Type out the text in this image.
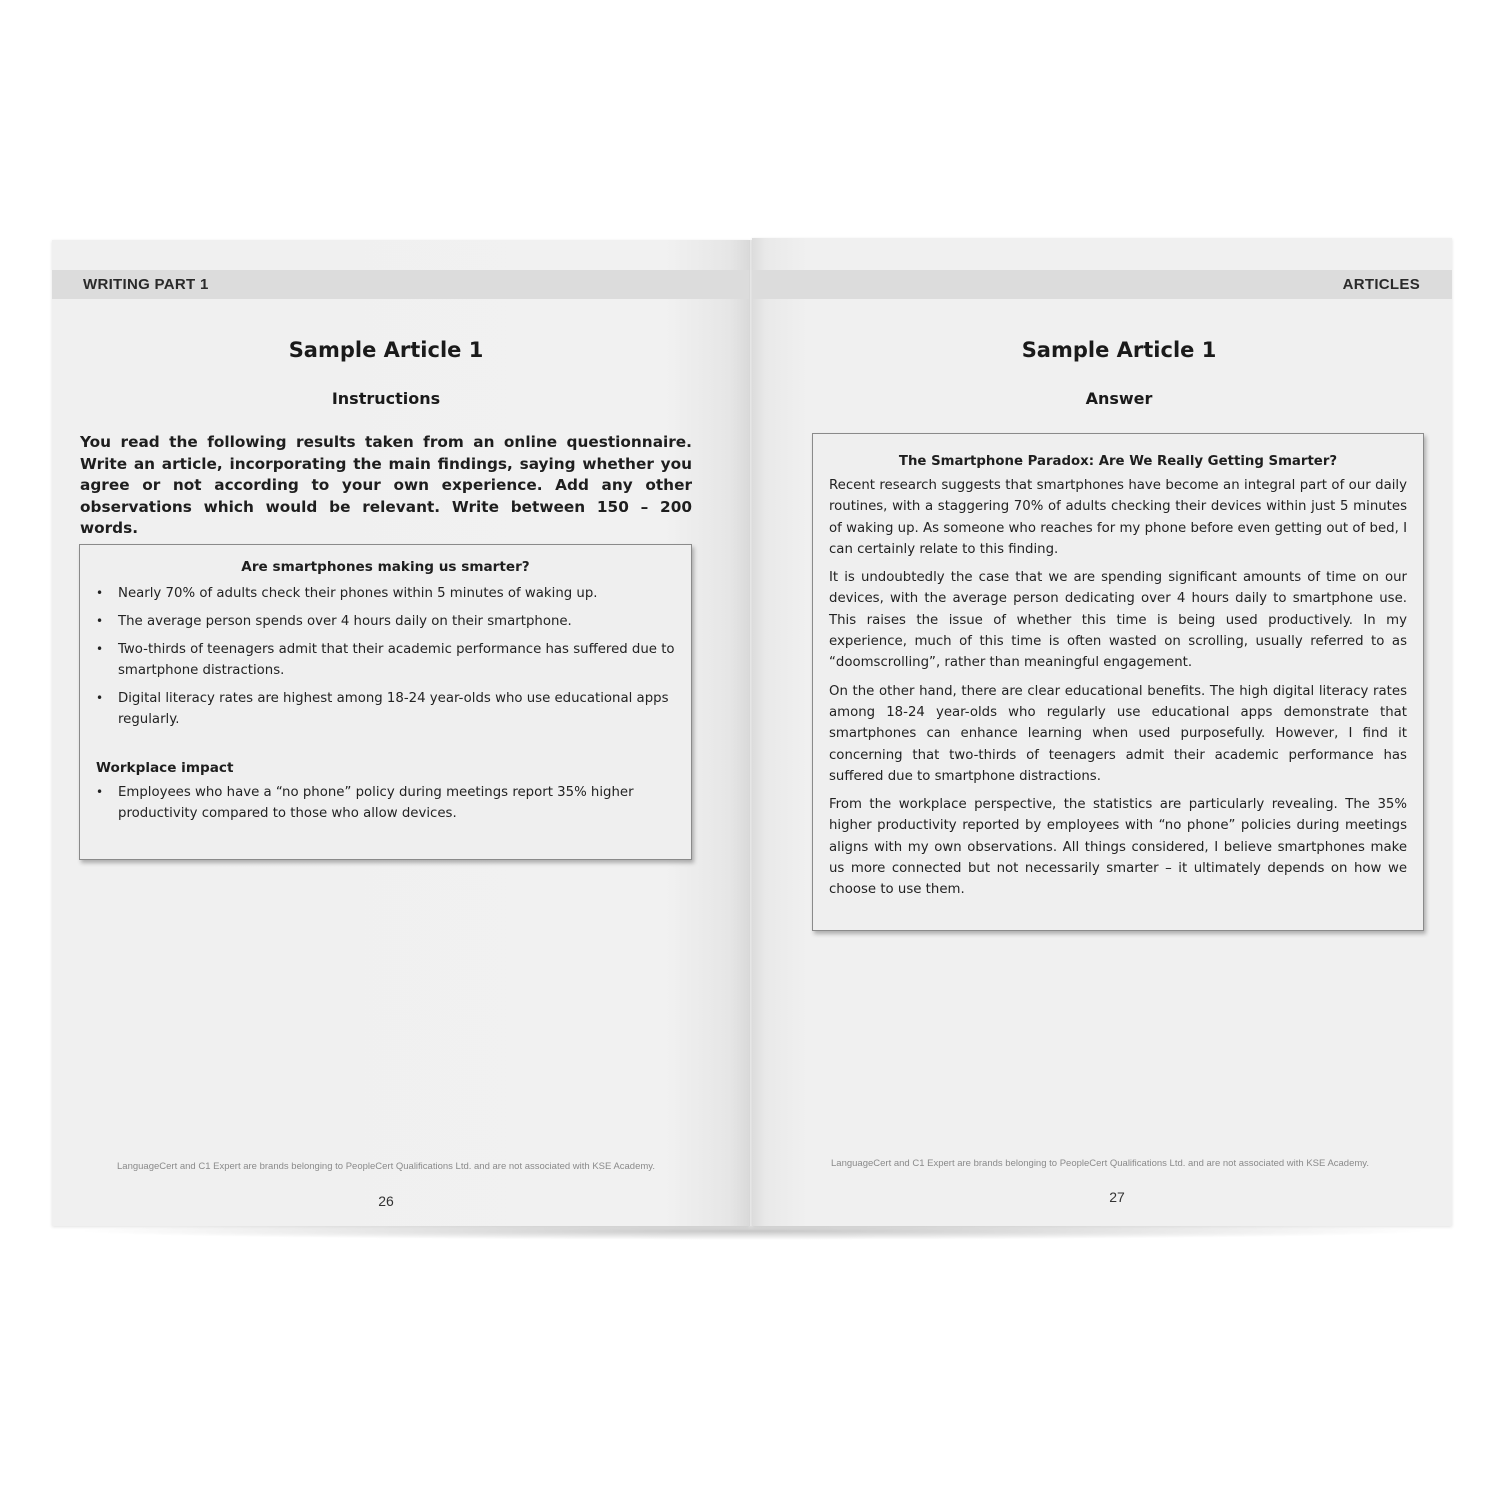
WRITING PART 1
Sample Article 1
Instructions

You read the following results taken from an online questionnaire. Write an article, incorporating the main findings, saying whether you agree or not according to your own experience. Add any other observations which would be relevant. Write between 150 – 200 words.

Are smartphones making us smarter?
• Nearly 70% of adults check their phones within 5 minutes of waking up.
• The average person spends over 4 hours daily on their smartphone.
• Two-thirds of teenagers admit that their academic performance has suffered due to smartphone distractions.
• Digital literacy rates are highest among 18-24 year-olds who use educational apps regularly.
Workplace impact
• Employees who have a “no phone” policy during meetings report 35% higher productivity compared to those who allow devices.
LanguageCert and C1 Expert are brands belonging to PeopleCert Qualifications Ltd. and are not associated with KSE Academy.
26
ARTICLES
Sample Article 1
Answer
The Smartphone Paradox: Are We Really Getting Smarter?

Recent research suggests that smartphones have become an integral part of our daily routines, with a staggering 70% of adults checking their devices within just 5 minutes of waking up. As someone who reaches for my phone before even getting out of bed, I can certainly relate to this finding.

It is undoubtedly the case that we are spending significant amounts of time on our devices, with the average person dedicating over 4 hours daily to smartphone use. This raises the issue of whether this time is being used productively. In my experience, much of this time is often wasted on scrolling, usually referred to as “doomscrolling”, rather than meaningful engagement.

On the other hand, there are clear educational benefits. The high digital literacy rates among 18-24 year-olds who regularly use educational apps demonstrate that smartphones can enhance learning when used purposefully. However, I find it concerning that two-thirds of teenagers admit their academic performance has suffered due to smartphone distractions.

From the workplace perspective, the statistics are particularly revealing. The 35% higher productivity reported by employees with “no phone” policies during meetings aligns with my own observations. All things considered, I believe smartphones make us more connected but not necessarily smarter – it ultimately depends on how we choose to use them.

LanguageCert and C1 Expert are brands belonging to PeopleCert Qualifications Ltd. and are not associated with KSE Academy.
27
